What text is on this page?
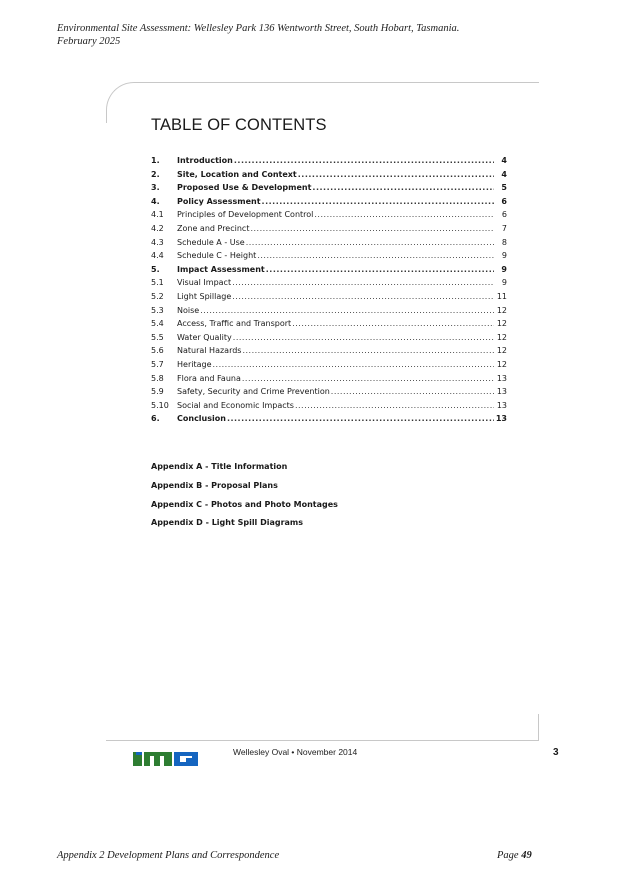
Environmental Site Assessment: Wellesley Park 136 Wentworth Street, South Hobart, Tasmania.
February 2025
TABLE OF CONTENTS
1.	Introduction .....	4
2.	Site, Location and Context .....	4
3.	Proposed Use & Development .....	5
4.	Policy Assessment .....	6
4.1	Principles of Development Control .....	6
4.2	Zone and Precinct .....	7
4.3	Schedule A - Use .....	8
4.4	Schedule C - Height .....	9
5.	Impact Assessment .....	9
5.1	Visual Impact .....	9
5.2	Light Spillage .....	11
5.3	Noise .....	12
5.4	Access, Traffic and Transport .....	12
5.5	Water Quality .....	12
5.6	Natural Hazards .....	12
5.7	Heritage .....	12
5.8	Flora and Fauna .....	13
5.9	Safety, Security and Crime Prevention .....	13
5.10	Social and Economic Impacts .....	13
6.	Conclusion .....	13
Appendix A - Title Information
Appendix B - Proposal Plans
Appendix C - Photos and Photo Montages
Appendix D - Light Spill Diagrams
Wellesley Oval • November 2014	3
Appendix 2 Development Plans and Correspondence	Page 49
